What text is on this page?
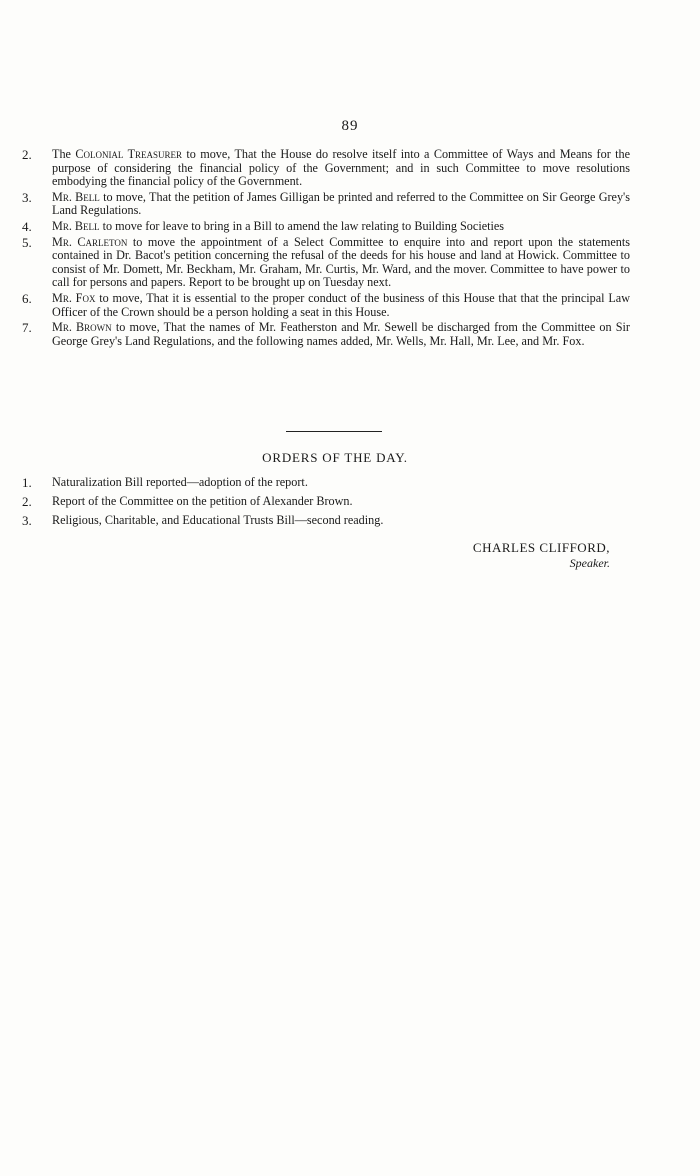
89
2. The Colonial Treasurer to move, That the House do resolve itself into a Committee of Ways and Means for the purpose of considering the financial policy of the Government; and in such Committee to move resolutions embodying the financial policy of the Government.
3. Mr. Bell to move, That the petition of James Gilligan be printed and referred to the Committee on Sir George Grey's Land Regulations.
4. Mr. Bell to move for leave to bring in a Bill to amend the law relating to Building Societies
5. Mr. Carleton to move the appointment of a Select Committee to enquire into and report upon the statements contained in Dr. Bacot's petition concerning the refusal of the deeds for his house and land at Howick. Committee to consist of Mr. Domett, Mr. Beckham, Mr. Graham, Mr. Curtis, Mr. Ward, and the mover. Committee to have power to call for persons and papers. Report to be brought up on Tuesday next.
6. Mr. Fox to move, That it is essential to the proper conduct of the business of this House that that the principal Law Officer of the Crown should be a person holding a seat in this House.
7. Mr. Brown to move, That the names of Mr. Featherston and Mr. Sewell be discharged from the Committee on Sir George Grey's Land Regulations, and the following names added, Mr. Wells, Mr. Hall, Mr. Lee, and Mr. Fox.
ORDERS OF THE DAY.
1. Naturalization Bill reported—adoption of the report.
2. Report of the Committee on the petition of Alexander Brown.
3. Religious, Charitable, and Educational Trusts Bill—second reading.
CHARLES CLIFFORD,
Speaker.
